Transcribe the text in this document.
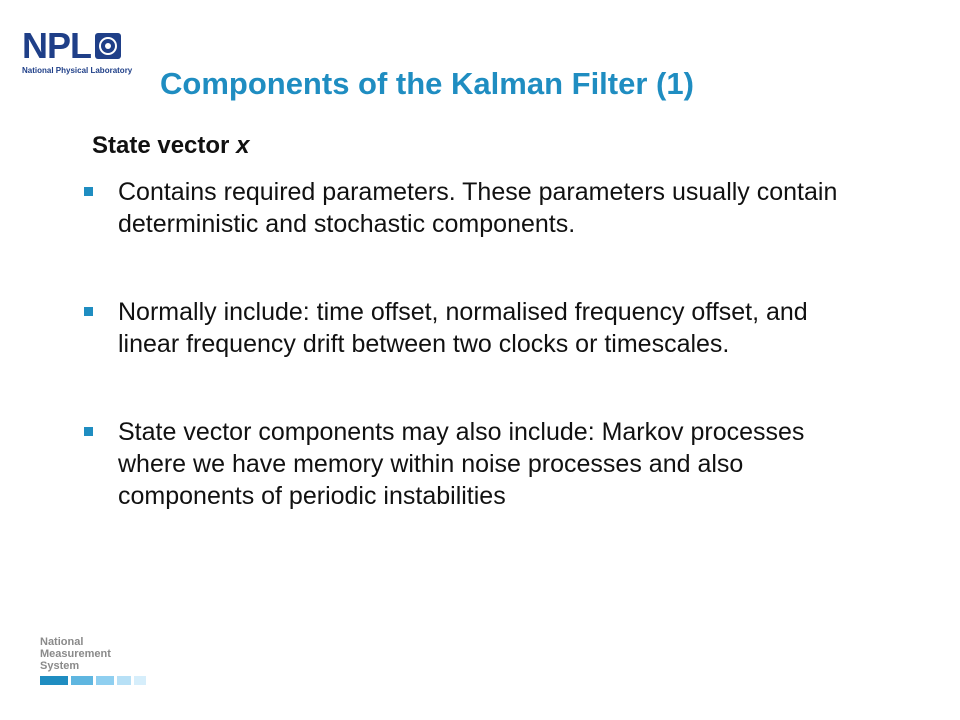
NPL
National Physical Laboratory Components of the Kalman Filter (1)
State vector x
Contains required parameters. These parameters usually contain deterministic and stochastic components.
Normally include: time offset, normalised frequency offset, and linear frequency drift between two clocks or timescales.
State vector components may also include: Markov processes where we have memory within noise processes and also components of periodic instabilities
National
Measurement
System
